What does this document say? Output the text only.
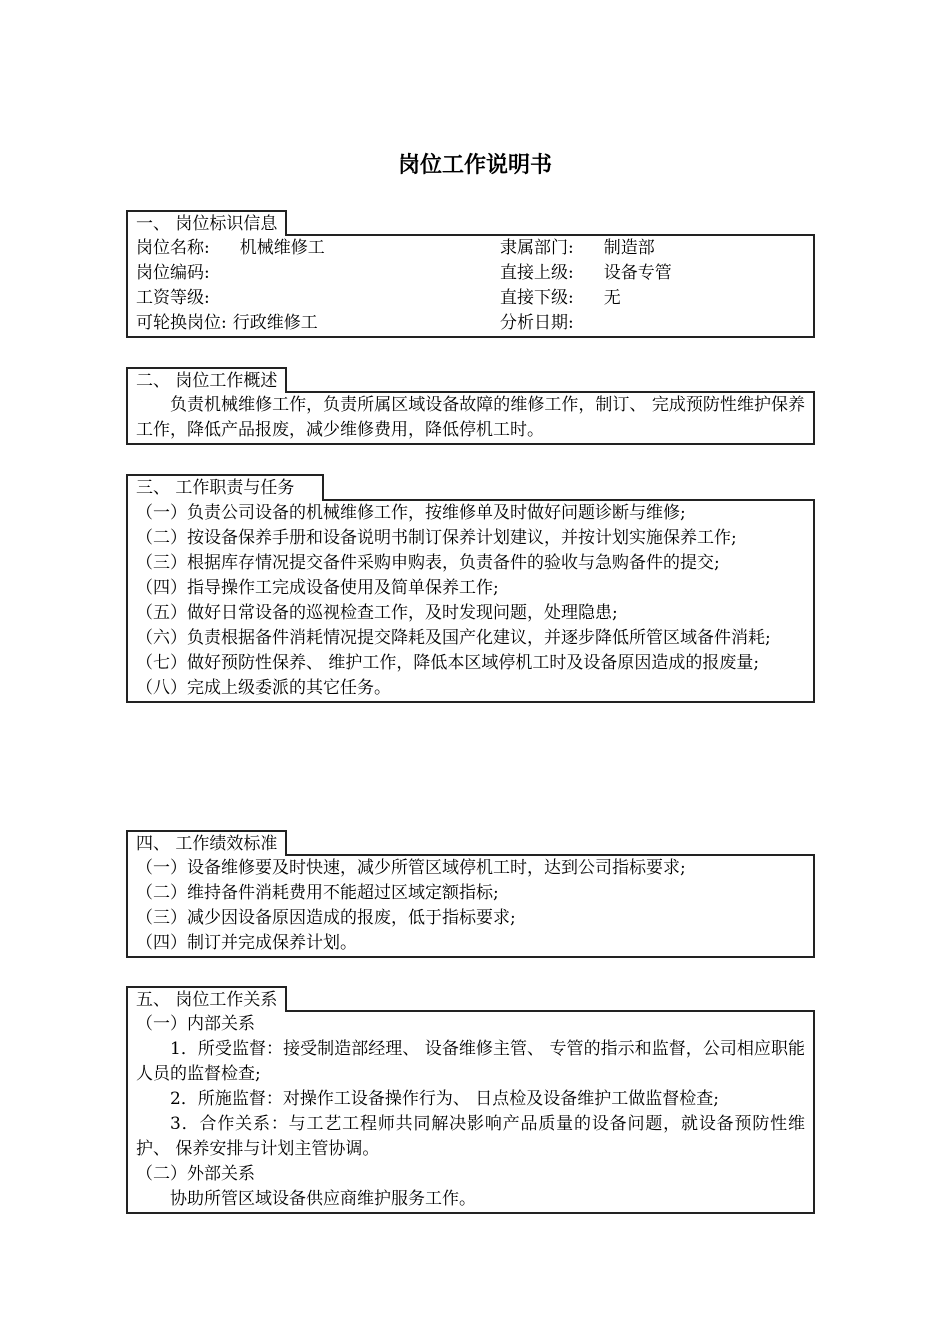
岗位工作说明书
一、 岗位标识信息
岗位名称: 机械维修工	隶属部门: 制造部
岗位编码:	直接上级: 设备专管
工资等级:	直接下级: 无
可轮换岗位: 行政维修工	分析日期:
二、 岗位工作概述
负责机械维修工作，负责所属区域设备故障的维修工作，制订、 完成预防性维护保养工作，降低产品报废，减少维修费用，降低停机工时。
三、 工作职责与任务
（一）负责公司设备的机械维修工作，按维修单及时做好问题诊断与维修;
（二）按设备保养手册和设备说明书制订保养计划建议，并按计划实施保养工作;
（三）根据库存情况提交备件采购申购表，负责备件的验收与急购备件的提交;
（四）指导操作工完成设备使用及简单保养工作;
（五）做好日常设备的巡视检查工作，及时发现问题，处理隐患;
（六）负责根据备件消耗情况提交降耗及国产化建议，并逐步降低所管区域备件消耗;
（七）做好预防性保养、 维护工作，降低本区域停机工时及设备原因造成的报废量;
（八）完成上级委派的其它任务。
四、 工作绩效标准
（一）设备维修要及时快速，减少所管区域停机工时，达到公司指标要求;
（二）维持备件消耗费用不能超过区域定额指标;
（三）减少因设备原因造成的报废，低于指标要求;
（四）制订并完成保养计划。
五、 岗位工作关系
（一）内部关系
1．所受监督：接受制造部经理、 设备维修主管、 专管的指示和监督，公司相应职能人员的监督检查;
2．所施监督：对操作工设备操作行为、 日点检及设备维护工做监督检查;
3．合作关系：与工艺工程师共同解决影响产品质量的设备问题，就设备预防性维护、 保养安排与计划主管协调。
（二）外部关系
协助所管区域设备供应商维护服务工作。
